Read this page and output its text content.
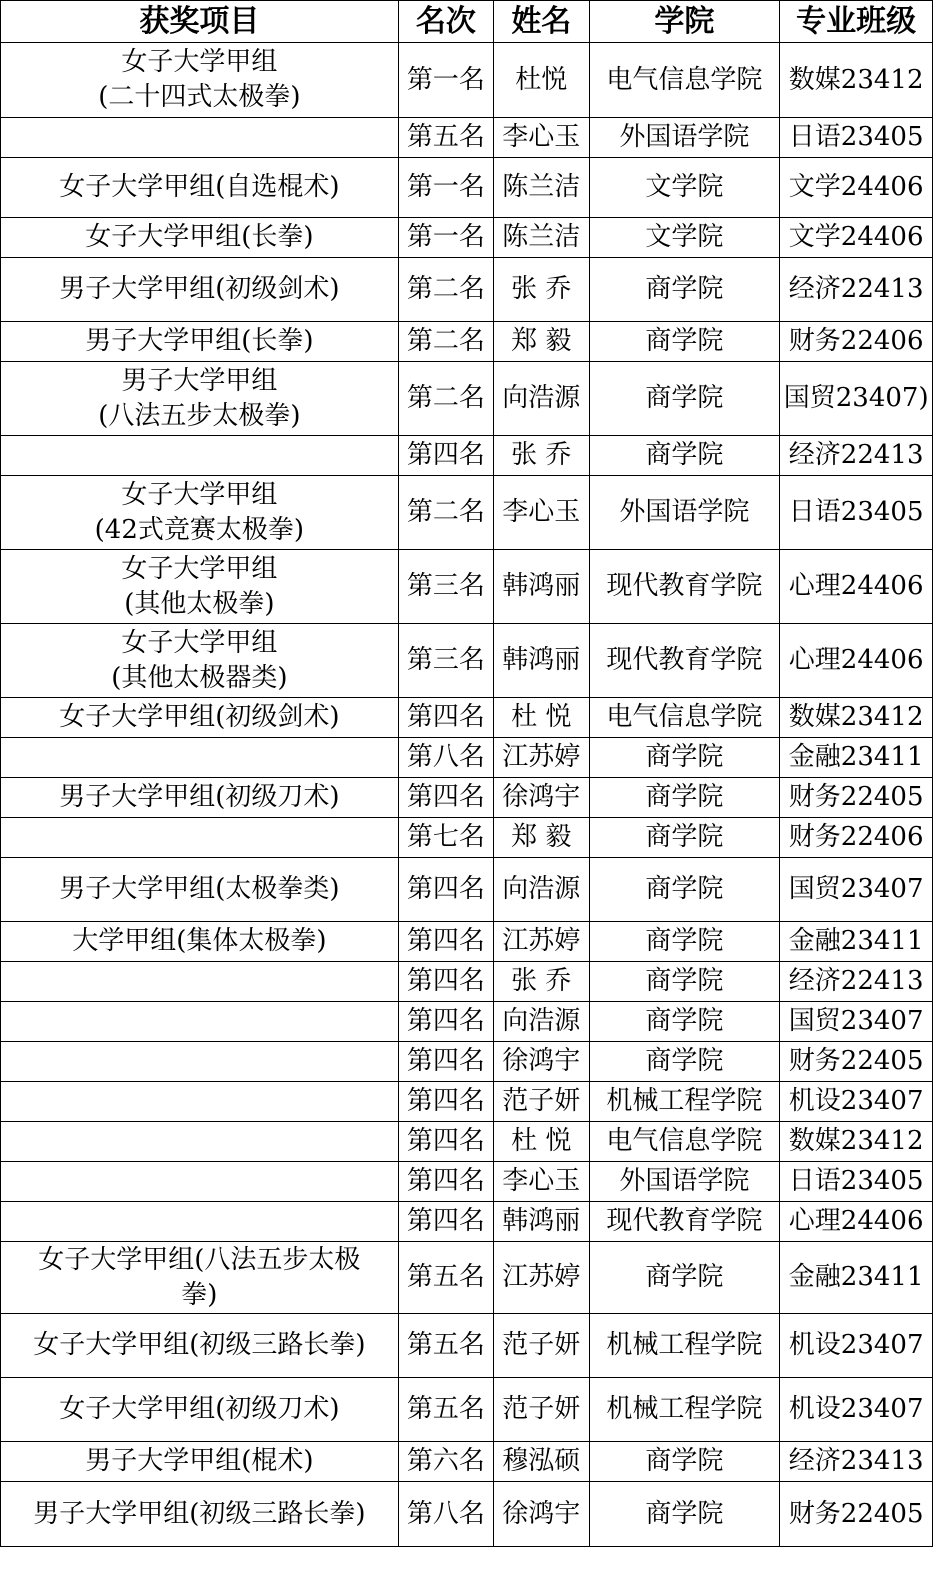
获奖项目	名次	姓名	学院	专业班级
女子大学甲组
(二十四式太极拳)	第一名	杜悦	电气信息学院	数媒23412
	第五名	李心玉	外国语学院	日语23405
女子大学甲组(自选棍术)	第一名	陈兰洁	文学院	文学24406
女子大学甲组(长拳)	第一名	陈兰洁	文学院	文学24406
男子大学甲组(初级剑术)	第二名	张 乔	商学院	经济22413
男子大学甲组(长拳)	第二名	郑 毅	商学院	财务22406
男子大学甲组
(八法五步太极拳)	第二名	向浩源	商学院	国贸23407)
	第四名	张 乔	商学院	经济22413
女子大学甲组
(42式竞赛太极拳)	第二名	李心玉	外国语学院	日语23405
女子大学甲组
(其他太极拳)	第三名	韩鸿丽	现代教育学院	心理24406
女子大学甲组
(其他太极器类)	第三名	韩鸿丽	现代教育学院	心理24406
女子大学甲组(初级剑术)	第四名	杜 悦	电气信息学院	数媒23412
	第八名	江苏婷	商学院	金融23411
男子大学甲组(初级刀术)	第四名	徐鸿宇	商学院	财务22405
	第七名	郑 毅	商学院	财务22406
男子大学甲组(太极拳类)	第四名	向浩源	商学院	国贸23407
大学甲组(集体太极拳)	第四名	江苏婷	商学院	金融23411
	第四名	张 乔	商学院	经济22413
	第四名	向浩源	商学院	国贸23407
	第四名	徐鸿宇	商学院	财务22405
	第四名	范子妍	机械工程学院	机设23407
	第四名	杜 悦	电气信息学院	数媒23412
	第四名	李心玉	外国语学院	日语23405
	第四名	韩鸿丽	现代教育学院	心理24406
女子大学甲组(八法五步太极
拳)	第五名	江苏婷	商学院	金融23411
女子大学甲组(初级三路长拳)	第五名	范子妍	机械工程学院	机设23407
女子大学甲组(初级刀术)	第五名	范子妍	机械工程学院	机设23407
男子大学甲组(棍术)	第六名	穆泓硕	商学院	经济23413
男子大学甲组(初级三路长拳)	第八名	徐鸿宇	商学院	财务22405
